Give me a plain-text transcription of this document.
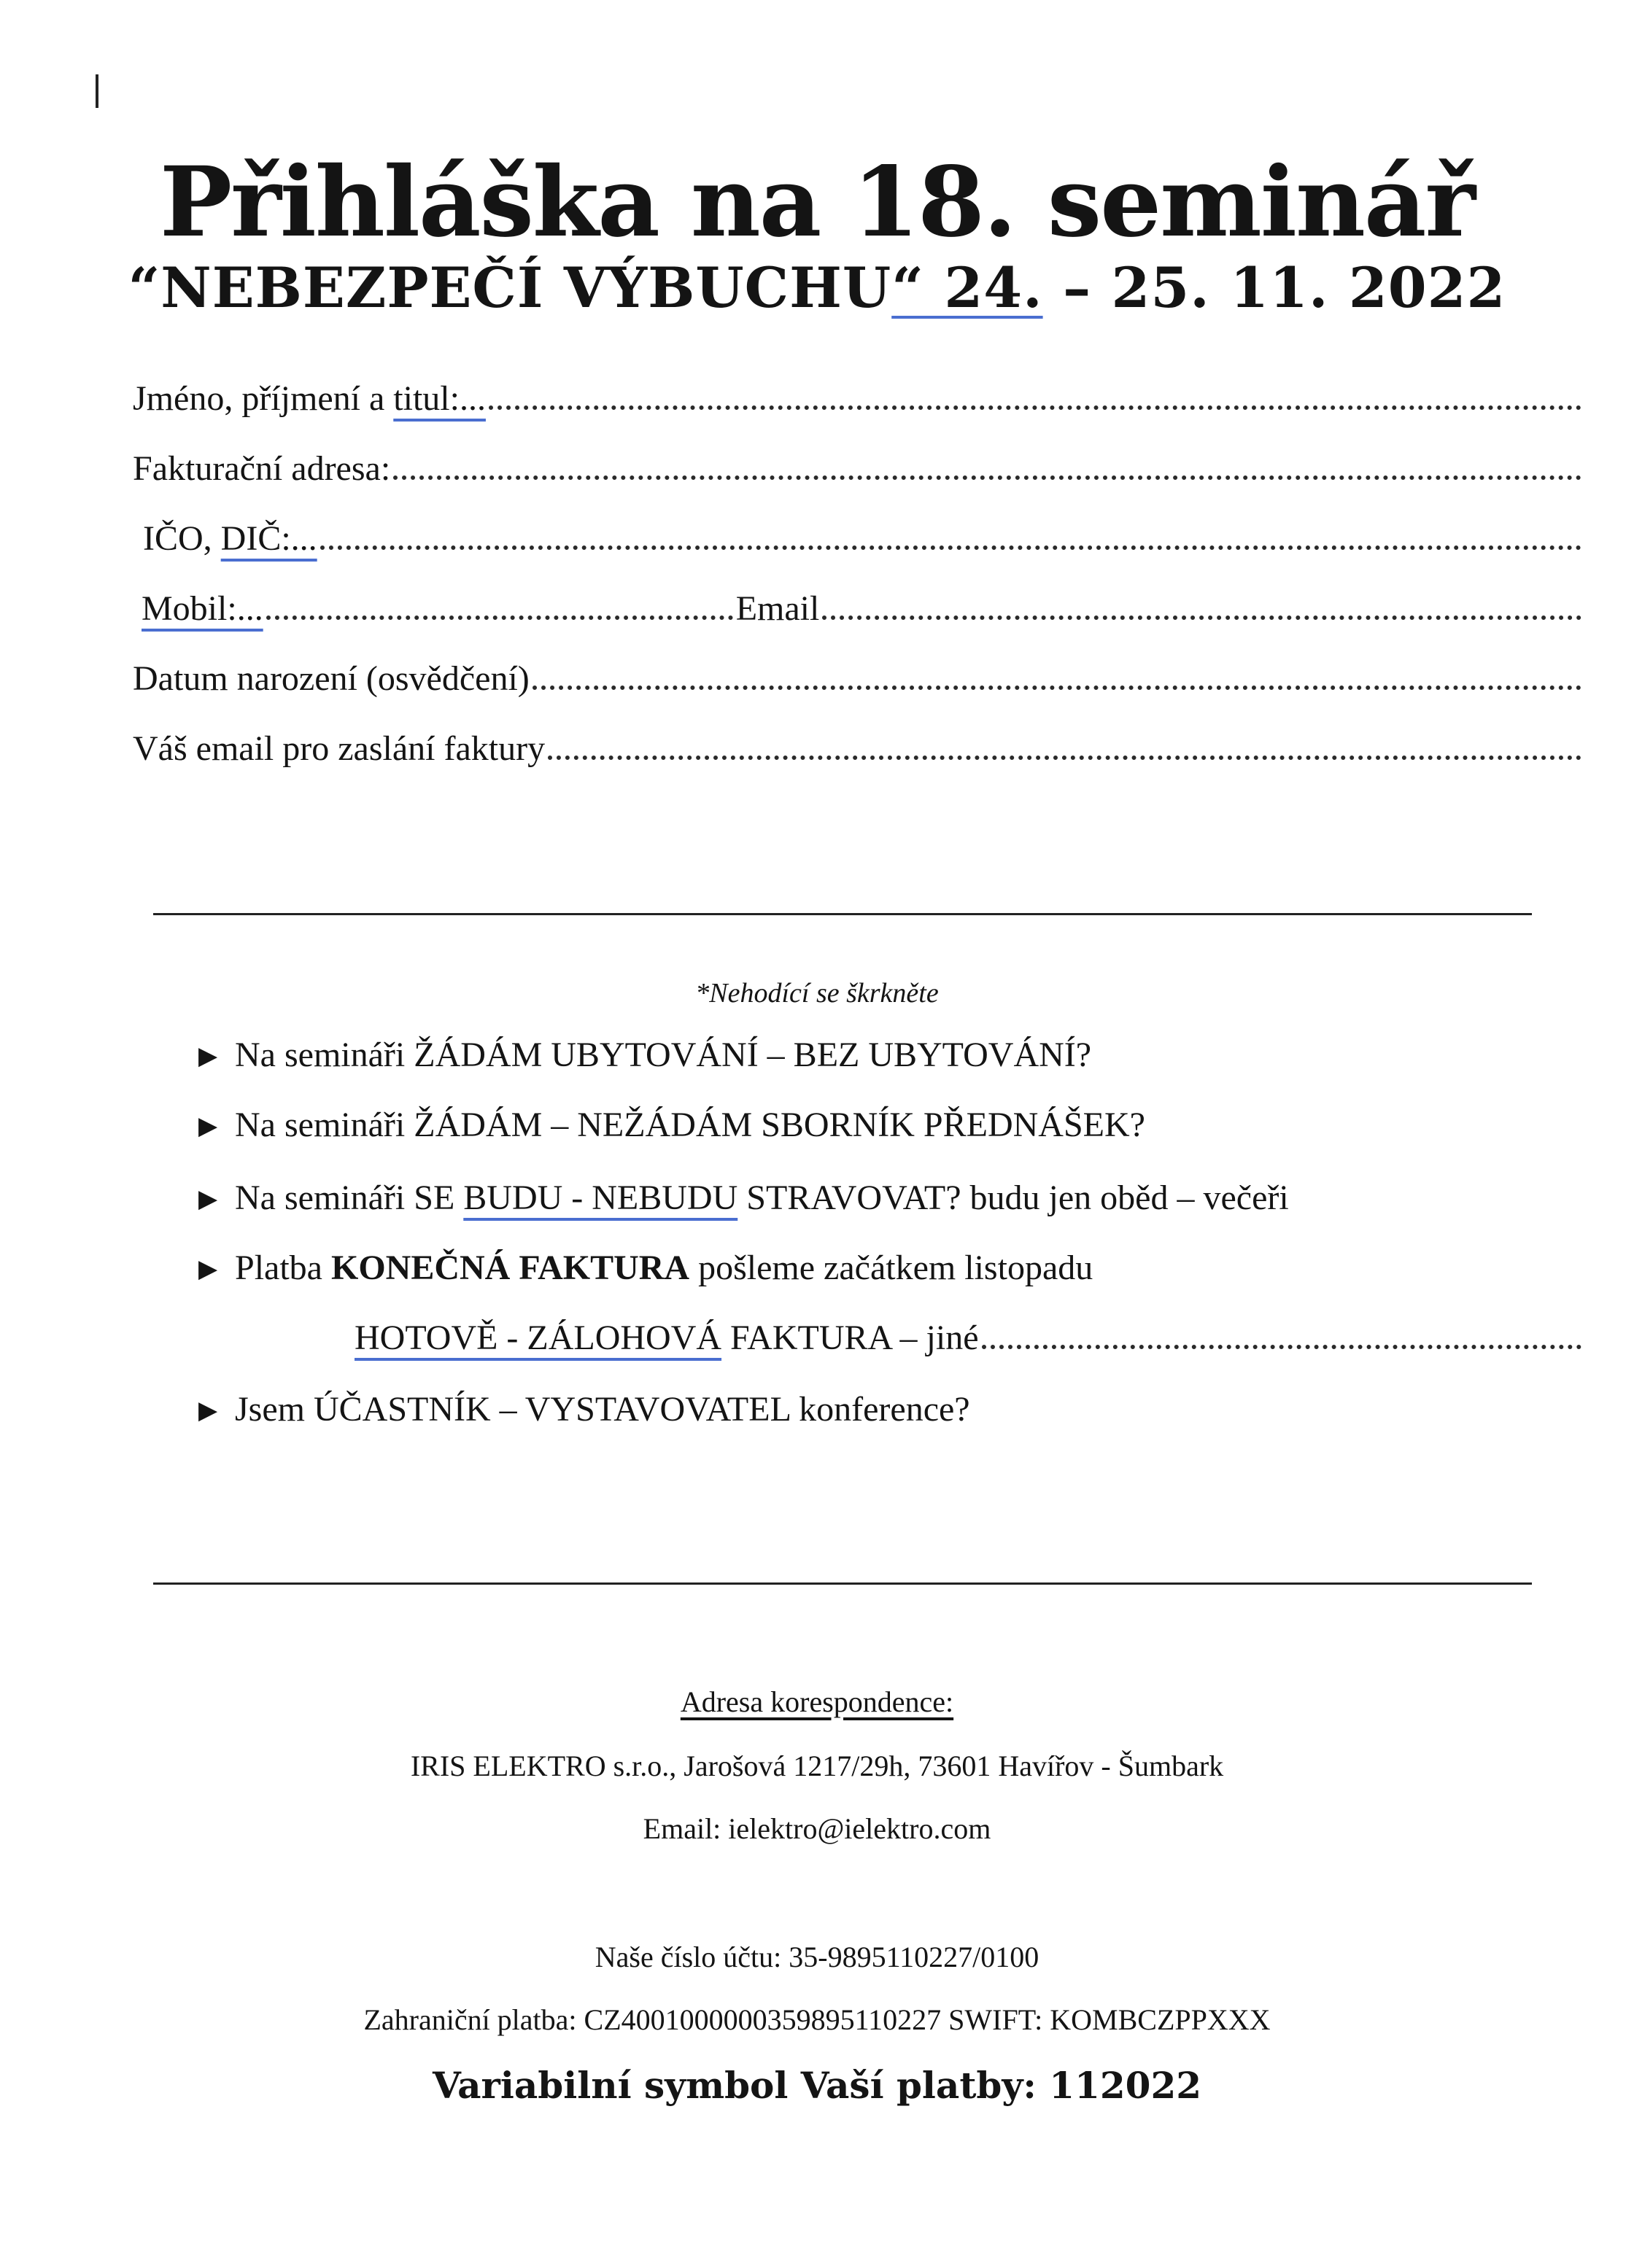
Přihláška na 18. seminář
“NEBEZPEČÍ VÝBUCHU“ 24. – 25. 11. 2022
Jméno, příjmení a titul:...
Fakturační adresa:
IČO, DIČ:...
Mobil:...	Email
Datum narození (osvědčení)
Váš email pro zaslání faktury
*Nehodící se škrkněte
▶ Na semináři ŽÁDÁM UBYTOVÁNÍ – BEZ UBYTOVÁNÍ?
▶ Na semináři ŽÁDÁM – NEŽÁDÁM SBORNÍK PŘEDNÁŠEK?
▶ Na semináři SE BUDU - NEBUDU STRAVOVAT? budu jen oběd – večeři
▶ Platba KONEČNÁ FAKTURA pošleme začátkem listopadu
HOTOVĚ - ZÁLOHOVÁ FAKTURA – jiné
▶ Jsem ÚČASTNÍK – VYSTAVOVATEL konference?
Adresa korespondence:
IRIS ELEKTRO s.r.o., Jarošová 1217/29h, 73601 Havířov - Šumbark
Email: ielektro@ielektro.com
Naše číslo účtu: 35-9895110227/0100
Zahraniční platba: CZ4001000000359895110227 SWIFT: KOMBCZPPXXX
Variabilní symbol Vaší platby: 112022
